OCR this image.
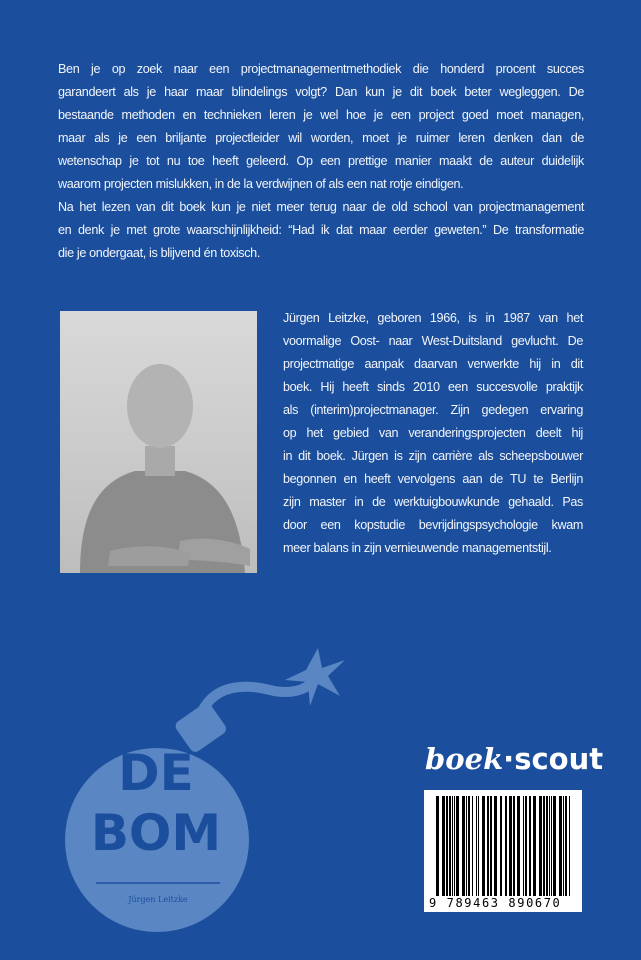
Ben je op zoek naar een projectmanagementmethodiek die honderd procent succes
garandeert als je haar maar blindelings volgt? Dan kun je dit boek beter wegleggen. De
bestaande methoden en technieken leren je wel hoe je een project goed moet managen,
maar als je een briljante projectleider wil worden, moet je ruimer leren denken dan de
wetenschap je tot nu toe heeft geleerd. Op een prettige manier maakt de auteur duidelijk
waarom projecten mislukken, in de la verdwijnen of als een nat rotje eindigen.
Na het lezen van dit boek kun je niet meer terug naar de old school van projectmanagement
en denk je met grote waarschijnlijkheid: “Had ik dat maar eerder geweten.” De transformatie
die je ondergaat, is blijvend én toxisch.
Jürgen Leitzke, geboren 1966, is in 1987 van het
voormalige Oost- naar West-Duitsland gevlucht. De
projectmatige aanpak daarvan verwerkte hij in dit
boek. Hij heeft sinds 2010 een succesvolle praktijk
als (interim)projectmanager. Zijn gedegen ervaring
op het gebied van veranderingsprojecten deelt hij
in dit boek. Jürgen is zijn carrière als scheepsbouwer
begonnen en heeft vervolgens aan de TU te Berlijn
zijn master in de werktuigbouwkunde gehaald. Pas
door een kopstudie bevrijdingspsychologie kwam
meer balans in zijn vernieuwende managementstijl.
DE
BOM
Jürgen Leitzke
boek·scout
9 789463 890670
